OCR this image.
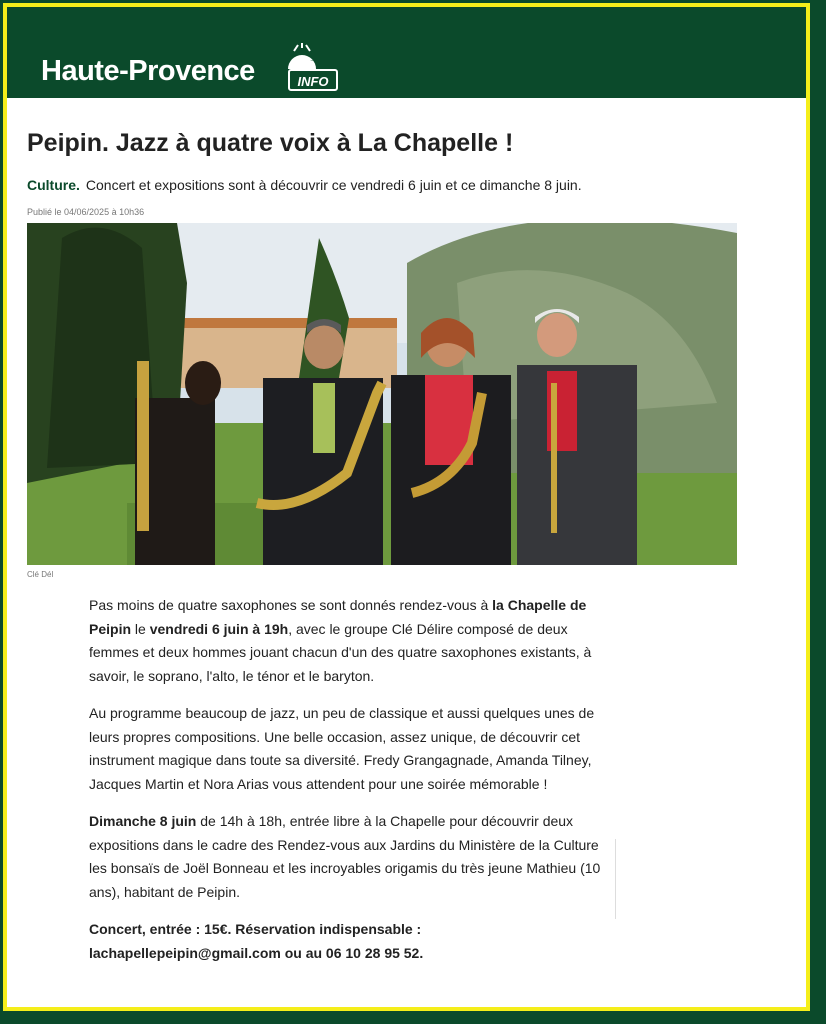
Haute-Provence	INFO
Peipin. Jazz à quatre voix à La Chapelle !
Culture. Concert et expositions sont à découvrir ce vendredi 6 juin et ce dimanche 8 juin.
Publié le 04/06/2025 à 10h36
Clé Dél

Pas moins de quatre saxophones se sont donnés rendez-vous à la Chapelle de Peipin le vendredi 6 juin à 19h, avec le groupe Clé Délire composé de deux femmes et deux hommes jouant chacun d'un des quatre saxophones existants, à savoir, le soprano, l'alto, le ténor et le baryton.

Au programme beaucoup de jazz, un peu de classique et aussi quelques unes de leurs propres compositions. Une belle occasion, assez unique, de découvrir cet instrument magique dans toute sa diversité. Fredy Grangagnade, Amanda Tilney, Jacques Martin et Nora Arias vous attendent pour une soirée mémorable !

Dimanche 8 juin de 14h à 18h, entrée libre à la Chapelle pour découvrir deux expositions dans le cadre des Rendez-vous aux Jardins du Ministère de la Culture les bonsaïs de Joël Bonneau et les incroyables origamis du très jeune Mathieu (10 ans), habitant de Peipin.

Concert, entrée : 15€. Réservation indispensable : lachapellepeipin@gmail.com ou au 06 10 28 95 52.
